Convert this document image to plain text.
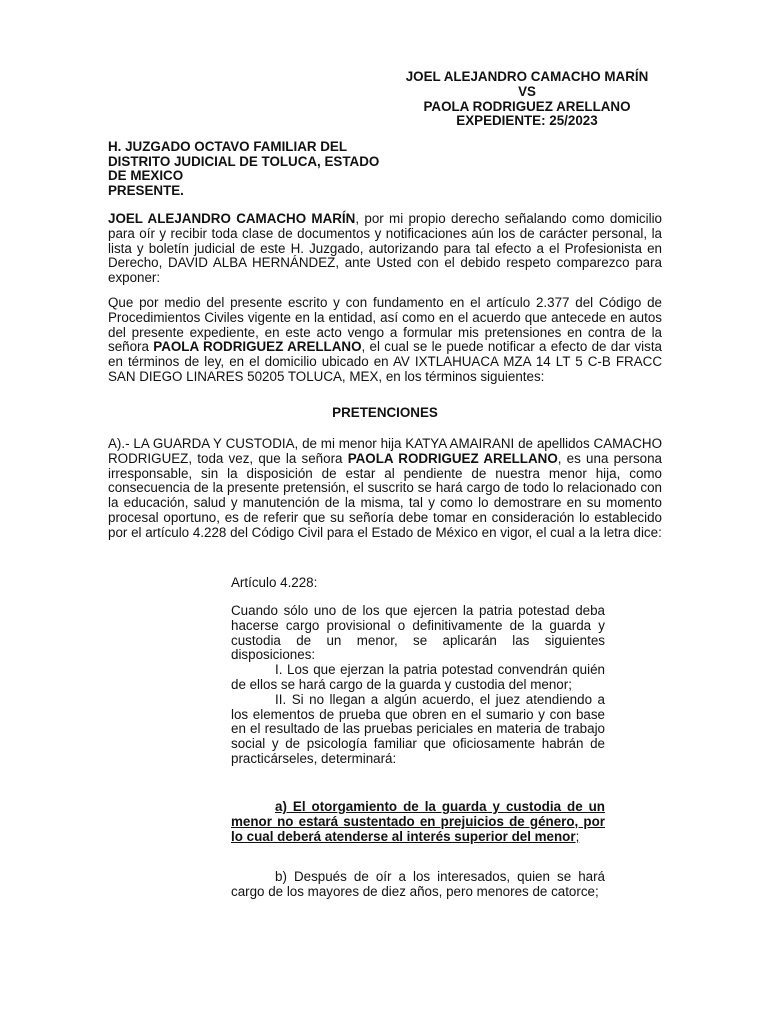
JOEL ALEJANDRO CAMACHO MARÍN
VS
PAOLA RODRIGUEZ ARELLANO
EXPEDIENTE: 25/2023
H. JUZGADO OCTAVO FAMILIAR DEL
DISTRITO JUDICIAL DE TOLUCA, ESTADO
DE MEXICO
PRESENTE.
JOEL ALEJANDRO CAMACHO MARÍN, por mi propio derecho señalando como domicilio para oír y recibir toda clase de documentos y notificaciones aún los de carácter personal, la lista y boletín judicial de este H. Juzgado, autorizando para tal efecto a el Profesionista en Derecho, DAVID ALBA HERNÁNDEZ, ante Usted con el debido respeto comparezco para exponer:
Que por medio del presente escrito y con fundamento en el artículo 2.377 del Código de Procedimientos Civiles vigente en la entidad, así como en el acuerdo que antecede en autos del presente expediente, en este acto vengo a formular mis pretensiones en contra de la señora PAOLA RODRIGUEZ ARELLANO, el cual se le puede notificar a efecto de dar vista en términos de ley, en el domicilio ubicado en AV IXTLAHUACA MZA 14 LT 5 C-B FRACC SAN DIEGO LINARES 50205 TOLUCA, MEX, en los términos siguientes:
PRETENCIONES
A).- LA GUARDA Y CUSTODIA, de mi menor hija KATYA AMAIRANI de apellidos CAMACHO RODRIGUEZ, toda vez, que la señora PAOLA RODRIGUEZ ARELLANO, es una persona irresponsable, sin la disposición de estar al pendiente de nuestra menor hija, como consecuencia de la presente pretensión, el suscrito se hará cargo de todo lo relacionado con la educación, salud y manutención de la misma, tal y como lo demostrare en su momento procesal oportuno, es de referir que su señoría debe tomar en consideración lo establecido por el artículo 4.228 del Código Civil para el Estado de México en vigor, el cual a la letra dice:
Artículo 4.228:
Cuando sólo uno de los que ejercen la patria potestad deba hacerse cargo provisional o definitivamente de la guarda y custodia de un menor, se aplicarán las siguientes disposiciones:
I. Los que ejerzan la patria potestad convendrán quién de ellos se hará cargo de la guarda y custodia del menor;
II. Si no llegan a algún acuerdo, el juez atendiendo a los elementos de prueba que obren en el sumario y con base en el resultado de las pruebas periciales en materia de trabajo social y de psicología familiar que oficiosamente habrán de practicárseles, determinará:
a) El otorgamiento de la guarda y custodia de un menor no estará sustentado en prejuicios de género, por lo cual deberá atenderse al interés superior del menor;
b) Después de oír a los interesados, quien se hará cargo de los mayores de diez años, pero menores de catorce;
